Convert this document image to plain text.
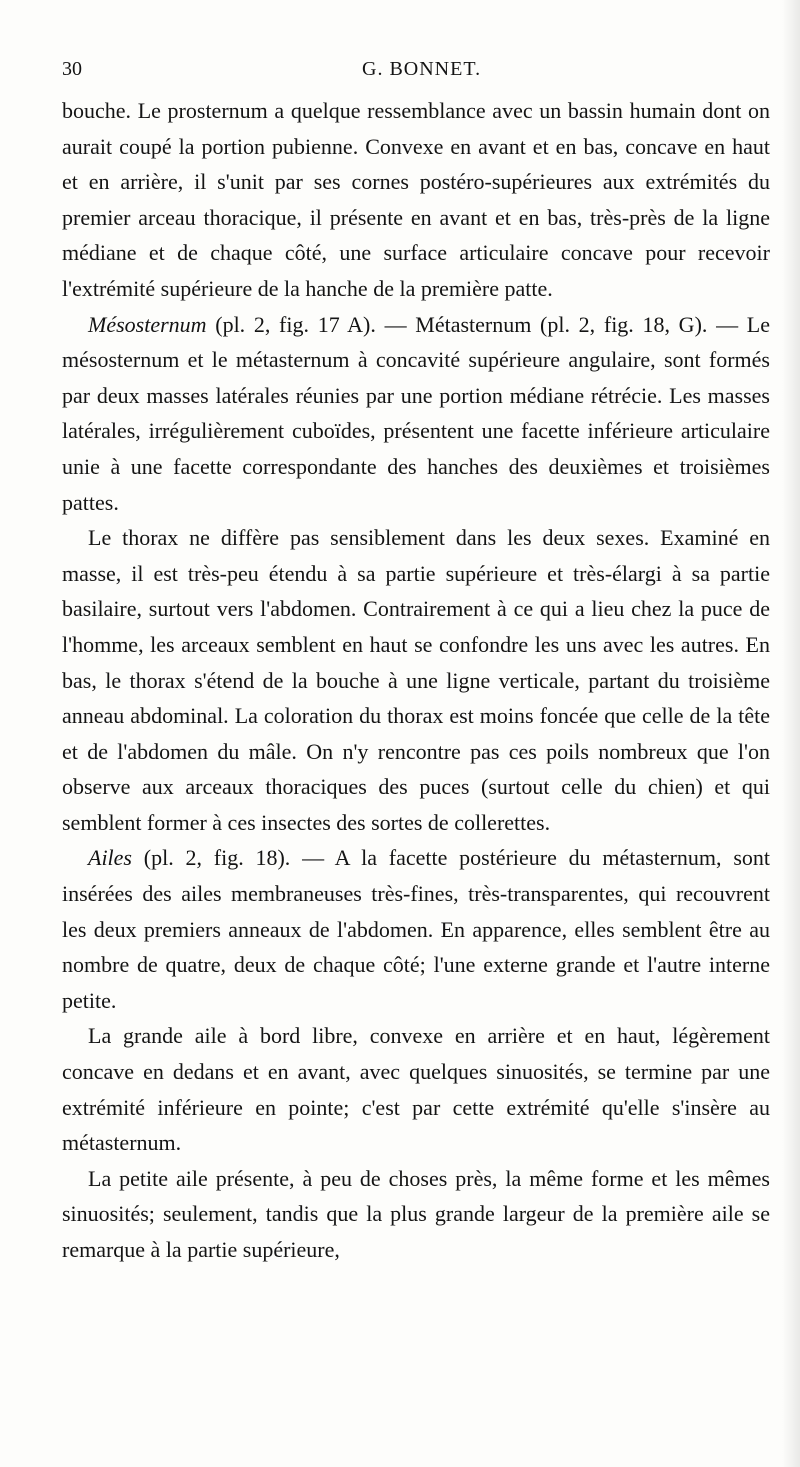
30	G. BONNET.

bouche. Le prosternum a quelque ressemblance avec un bassin humain dont on aurait coupé la portion pubienne. Convexe en avant et en bas, concave en haut et en arrière, il s'unit par ses cornes postéro-supérieures aux extrémités du premier arceau thoracique, il présente en avant et en bas, très-près de la ligne médiane et de chaque côté, une surface articulaire concave pour recevoir l'extrémité supérieure de la hanche de la première patte.

Mésosternum (pl. 2, fig. 17 A). — Métasternum (pl. 2, fig. 18, G). — Le mésosternum et le métasternum à concavité supérieure angulaire, sont formés par deux masses latérales réunies par une portion médiane rétrécie. Les masses latérales, irrégulièrement cuboïdes, présentent une facette inférieure articulaire unie à une facette correspondante des hanches des deuxièmes et troisièmes pattes.

Le thorax ne diffère pas sensiblement dans les deux sexes. Examiné en masse, il est très-peu étendu à sa partie supérieure et très-élargi à sa partie basilaire, surtout vers l'abdomen. Contrairement à ce qui a lieu chez la puce de l'homme, les arceaux semblent en haut se confondre les uns avec les autres. En bas, le thorax s'étend de la bouche à une ligne verticale, partant du troisième anneau abdominal. La coloration du thorax est moins foncée que celle de la tête et de l'abdomen du mâle. On n'y rencontre pas ces poils nombreux que l'on observe aux arceaux thoraciques des puces (surtout celle du chien) et qui semblent former à ces insectes des sortes de collerettes.

Ailes (pl. 2, fig. 18). — A la facette postérieure du métasternum, sont insérées des ailes membraneuses très-fines, très-transparentes, qui recouvrent les deux premiers anneaux de l'abdomen. En apparence, elles semblent être au nombre de quatre, deux de chaque côté; l'une externe grande et l'autre interne petite.

La grande aile à bord libre, convexe en arrière et en haut, légèrement concave en dedans et en avant, avec quelques sinuosités, se termine par une extrémité inférieure en pointe; c'est par cette extrémité qu'elle s'insère au métasternum.

La petite aile présente, à peu de choses près, la même forme et les mêmes sinuosités; seulement, tandis que la plus grande largeur de la première aile se remarque à la partie supérieure,
